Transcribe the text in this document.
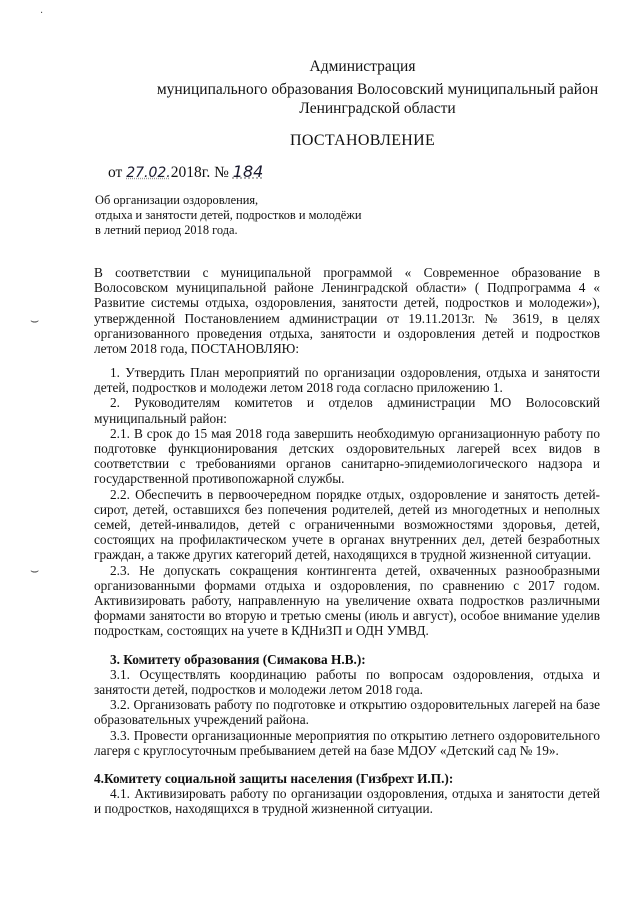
·
⌣
⌣
Администрация
муниципального образования Волосовский муниципальный район
Ленинградской области
ПОСТАНОВЛЕНИЕ
от 27.02.2018г. № 184
Об организации оздоровления,
отдыха и занятости детей, подростков и молодёжи
в летний период 2018 года.
В соответствии с муниципальной программой « Современное образование в Волосовском муниципальной районе Ленинградской области» ( Подпрограмма 4 « Развитие системы отдыха, оздоровления, занятости детей, подростков и молодежи»), утвержденной Постановлением администрации от 19.11.2013г. № 3619, в целях организованного проведения отдыха, занятости и оздоровления детей и подростков летом 2018 года, ПОСТАНОВЛЯЮ:
1. Утвердить План мероприятий по организации оздоровления, отдыха и занятости детей, подростков и молодежи летом 2018 года согласно приложению 1.
2. Руководителям комитетов и отделов администрации МО Волосовский муниципальный район:
2.1. В срок до 15 мая 2018 года завершить необходимую организационную работу по подготовке функционирования детских оздоровительных лагерей всех видов в соответствии с требованиями органов санитарно-эпидемиологического надзора и государственной противопожарной службы.
2.2. Обеспечить в первоочередном порядке отдых, оздоровление и занятость детей-сирот, детей, оставшихся без попечения родителей, детей из многодетных и неполных семей, детей-инвалидов, детей с ограниченными возможностями здоровья, детей, состоящих на профилактическом учете в органах внутренних дел, детей безработных граждан, а также других категорий детей, находящихся в трудной жизненной ситуации.
2.3. Не допускать сокращения контингента детей, охваченных разнообразными организованными формами отдыха и оздоровления, по сравнению с 2017 годом. Активизировать работу, направленную на увеличение охвата подростков различными формами занятости во вторую и третью смены (июль и август), особое внимание уделив подросткам, состоящих на учете в КДНиЗП и ОДН УМВД.
3. Комитету образования (Симакова Н.В.):
3.1. Осуществлять координацию работы по вопросам оздоровления, отдыха и занятости детей, подростков и молодежи летом 2018 года.
3.2. Организовать работу по подготовке и открытию оздоровительных лагерей на базе образовательных учреждений района.
3.3. Провести организационные мероприятия по открытию летнего оздоровительного лагеря с круглосуточным пребыванием детей на базе МДОУ «Детский сад № 19».
4.Комитету социальной защиты населения (Гизбрехт И.П.):
4.1. Активизировать работу по организации оздоровления, отдыха и занятости детей и подростков, находящихся в трудной жизненной ситуации.
